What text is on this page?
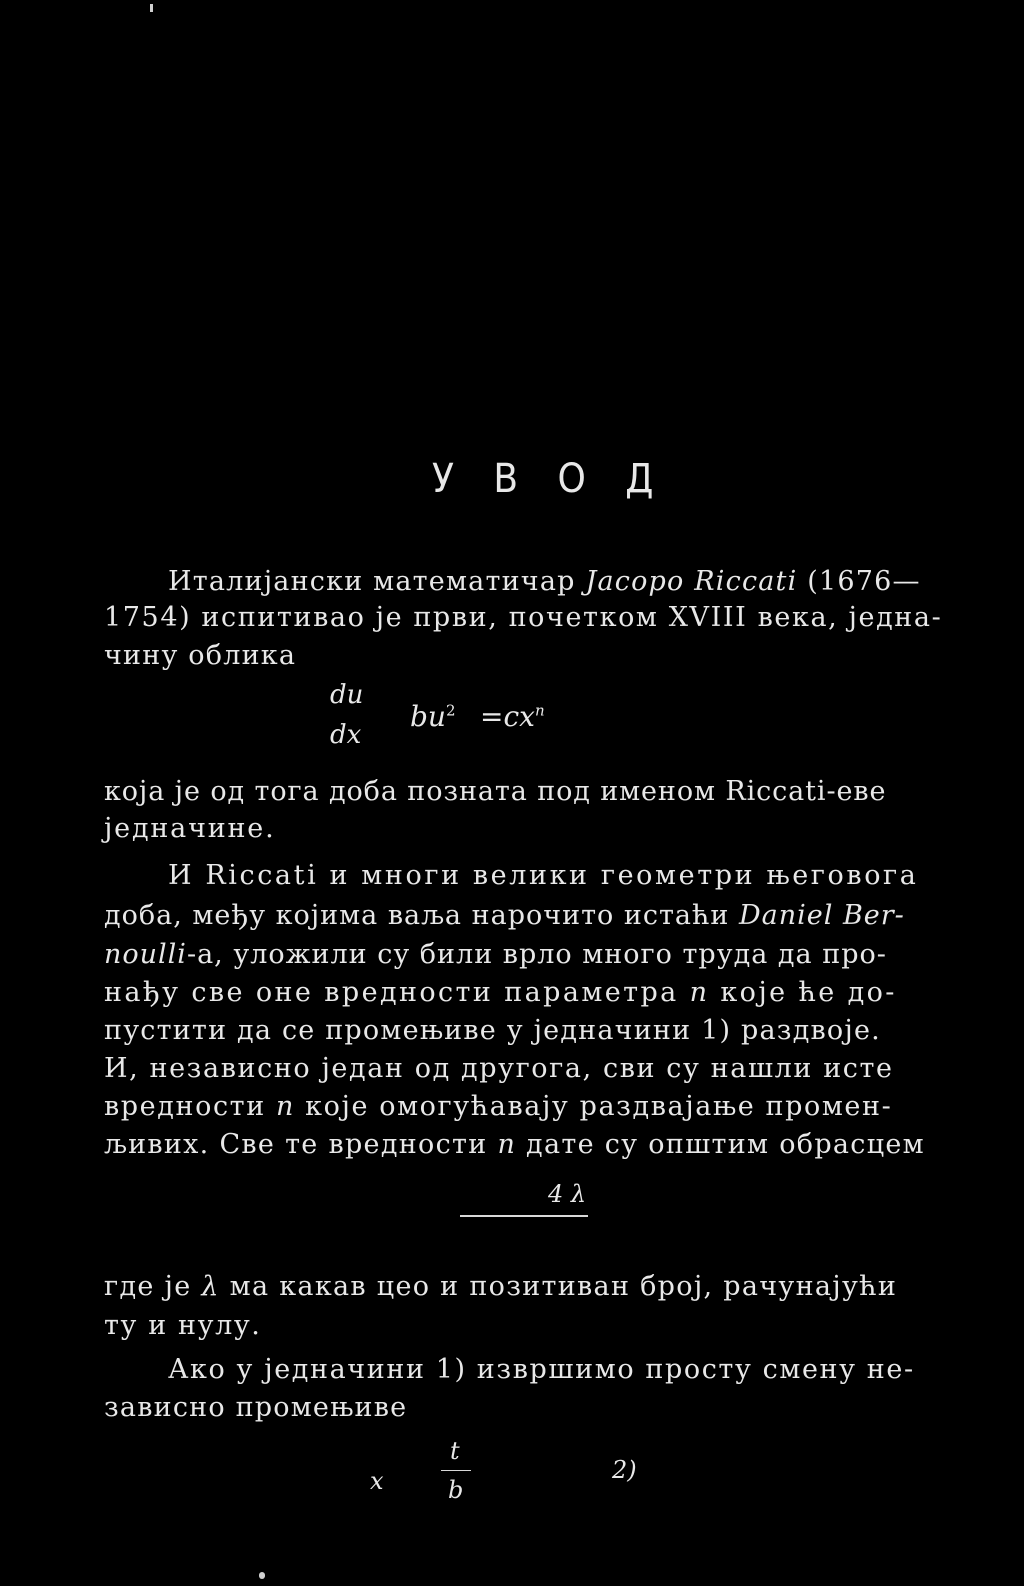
У В О Д
Италијански математичар Jacopo Riccati (1676—
1754) испитивао је први, почетком XVIII века, једна-
чину облика
du
dx
$bu^2 =cx^n$
која је од тога доба позната под именом Riccati-еве
једначине.
И Riccati и многи велики геометри његовога
доба, међу којима ваља нарочито истаћи Daniel Ber-
noulli-а, уложили су били врло много труда да про-
нађу све оне вредности параметра n које ће до-
пустити да се промењиве у једначини 1) раздвоје.
И, независно један од другога, сви су нашли исте
вредности n које омогућавају раздвајање промен-
љивих. Све те вредности n дате су општим обрасцем
4 λ
где је λ ма какав цео и позитиван број, рачунајући
ту и нулу.
Ако у једначини 1) извршимо просту смену не-
зависно промењиве
x
t
b
2)
